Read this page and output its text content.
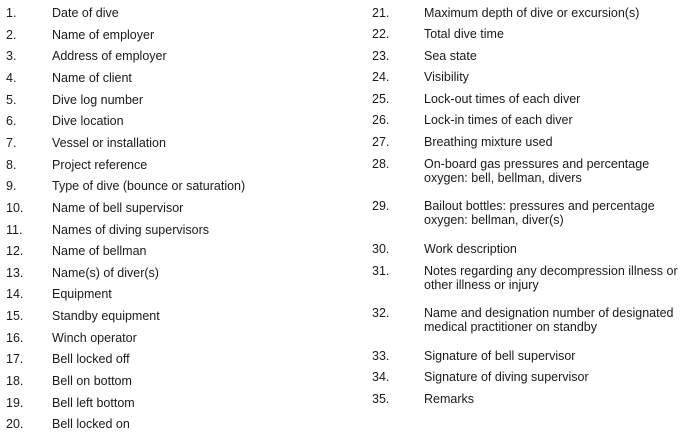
1.	Date of dive
2.	Name of employer
3.	Address of employer
4.	Name of client
5.	Dive log number
6.	Dive location
7.	Vessel or installation
8.	Project reference
9.	Type of dive (bounce or saturation)
10.	Name of bell supervisor
11.	Names of diving supervisors
12.	Name of bellman
13.	Name(s) of diver(s)
14.	Equipment
15.	Standby equipment
16.	Winch operator
17.	Bell locked off
18.	Bell on bottom
19.	Bell left bottom
20.	Bell locked on
21.	Maximum depth of dive or excursion(s)
22.	Total dive time
23.	Sea state
24.	Visibility
25.	Lock-out times of each diver
26.	Lock-in times of each diver
27.	Breathing mixture used
28.	On-board gas pressures and percentage oxygen: bell, bellman, divers
29.	Bailout bottles: pressures and percentage oxygen: bellman, diver(s)
30.	Work description
31.	Notes regarding any decompression illness or other illness or injury
32.	Name and designation number of designated medical practitioner on standby
33.	Signature of bell supervisor
34.	Signature of diving supervisor
35.	Remarks
